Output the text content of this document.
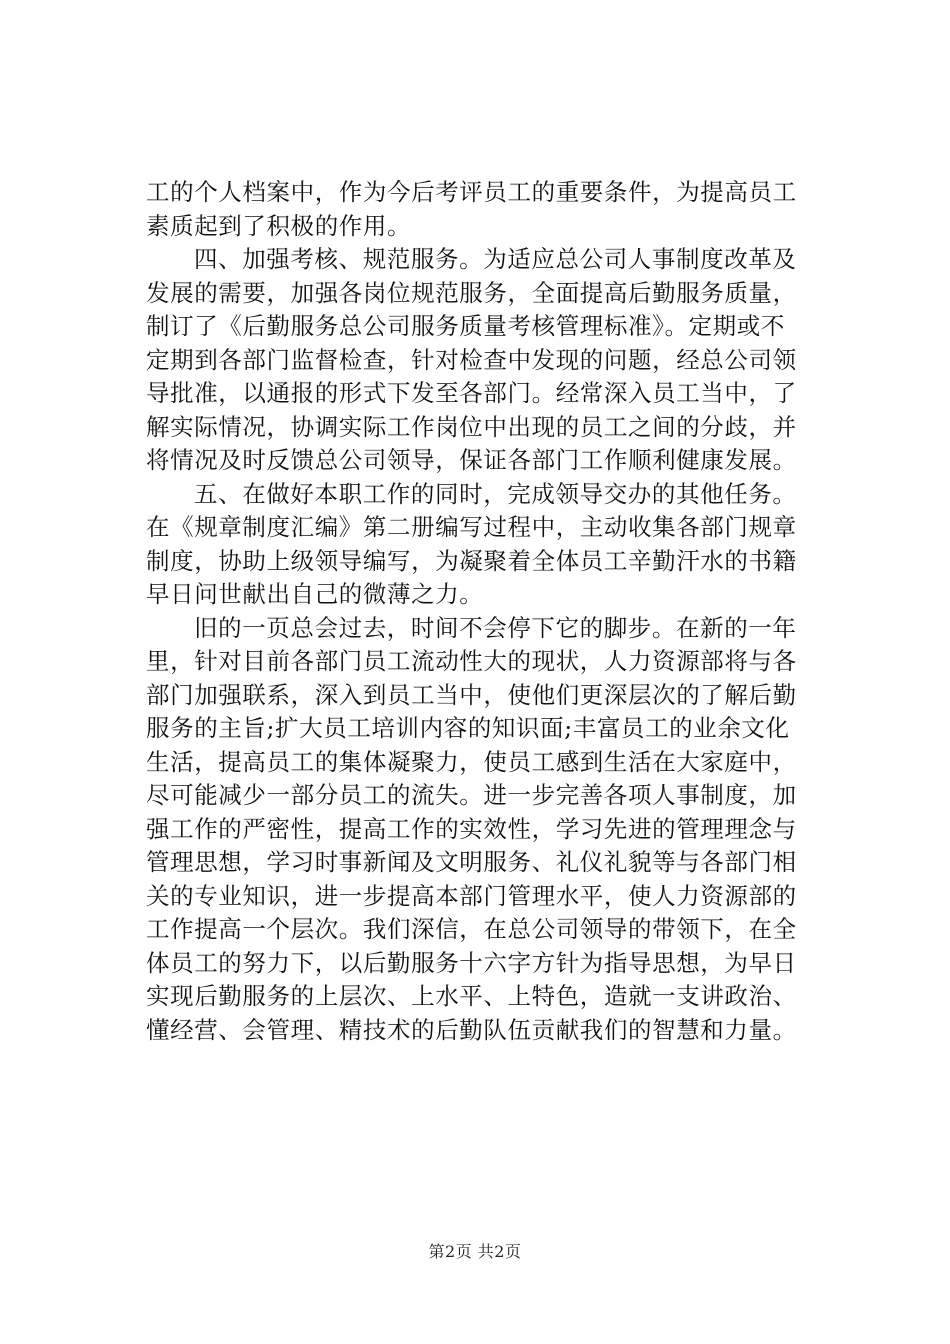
工的个人档案中，作为今后考评员工的重要条件，为提高员工
素质起到了积极的作用。
四、加强考核、规范服务。为适应总公司人事制度改革及
发展的需要，加强各岗位规范服务，全面提高后勤服务质量，
制订了《后勤服务总公司服务质量考核管理标准》。定期或不
定期到各部门监督检查，针对检查中发现的问题，经总公司领
导批准，以通报的形式下发至各部门。经常深入员工当中，了
解实际情况，协调实际工作岗位中出现的员工之间的分歧，并
将情况及时反馈总公司领导，保证各部门工作顺利健康发展。
五、在做好本职工作的同时，完成领导交办的其他任务。
在《规章制度汇编》第二册编写过程中，主动收集各部门规章
制度，协助上级领导编写，为凝聚着全体员工辛勤汗水的书籍
早日问世献出自己的微薄之力。
旧的一页总会过去，时间不会停下它的脚步。在新的一年
里，针对目前各部门员工流动性大的现状，人力资源部将与各
部门加强联系，深入到员工当中，使他们更深层次的了解后勤
服务的主旨;扩大员工培训内容的知识面;丰富员工的业余文化
生活，提高员工的集体凝聚力，使员工感到生活在大家庭中，
尽可能减少一部分员工的流失。进一步完善各项人事制度，加
强工作的严密性，提高工作的实效性，学习先进的管理理念与
管理思想，学习时事新闻及文明服务、礼仪礼貌等与各部门相
关的专业知识，进一步提高本部门管理水平，使人力资源部的
工作提高一个层次。我们深信，在总公司领导的带领下，在全
体员工的努力下，以后勤服务十六字方针为指导思想，为早日
实现后勤服务的上层次、上水平、上特色，造就一支讲政治、
懂经营、会管理、精技术的后勤队伍贡献我们的智慧和力量。
第2页 共2页
